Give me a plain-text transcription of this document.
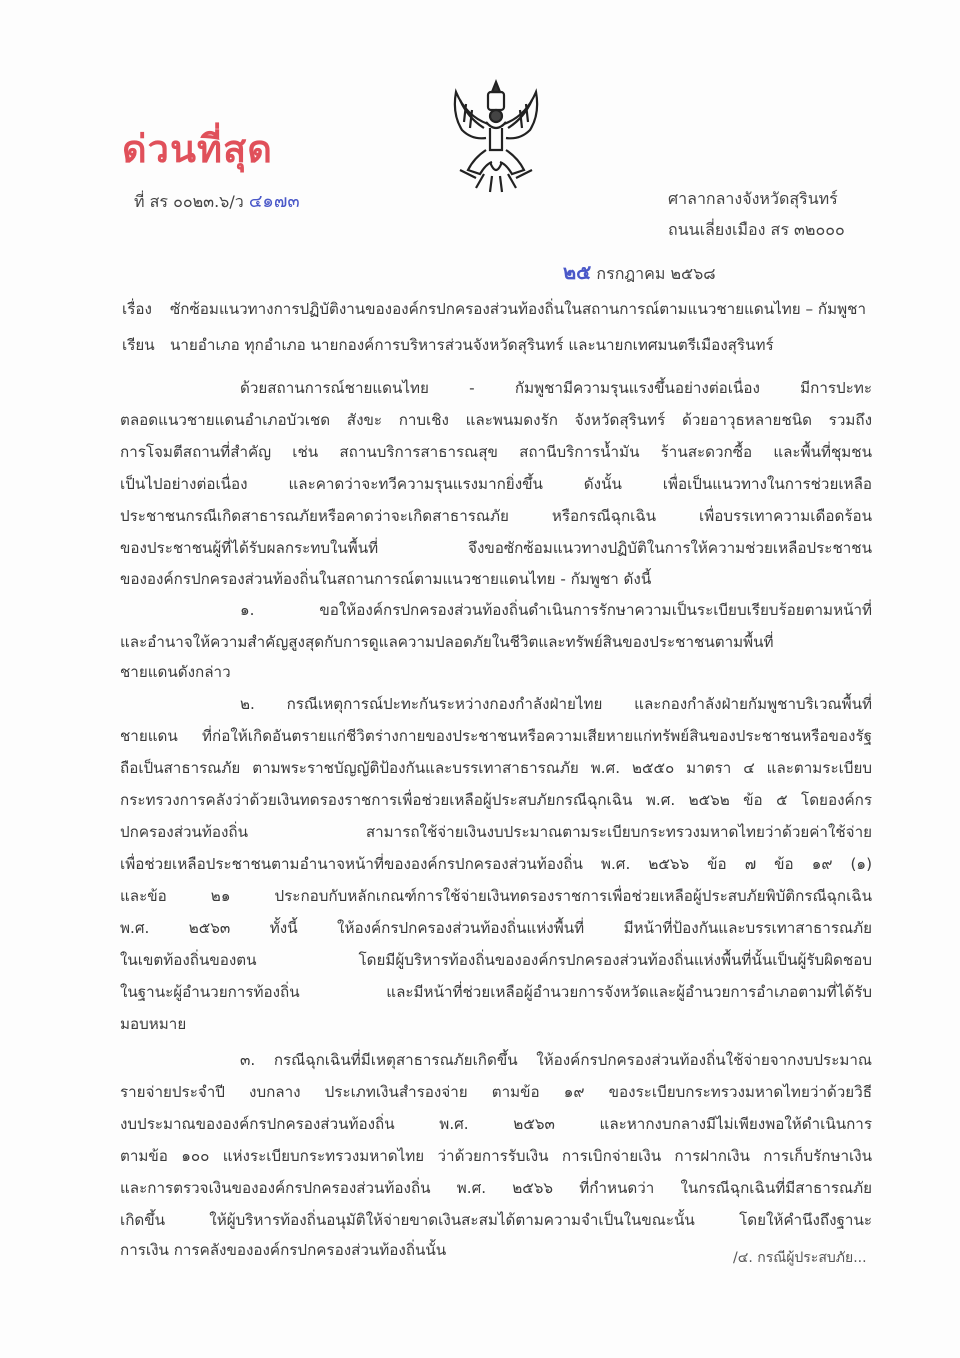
ด่วนที่สุด
ที่ สร ๐๐๒๓.๖/ว ๔๑๗๓	ศาลากลางจังหวัดสุรินทร์
ถนนเลี่ยงเมือง สร ๓๒๐๐๐
๒๕ กรกฎาคม ๒๕๖๘
เรื่อง ซักซ้อมแนวทางการปฏิบัติงานขององค์กรปกครองส่วนท้องถิ่นในสถานการณ์ตามแนวชายแดนไทย – กัมพูชา
เรียน นายอำเภอ ทุกอำเภอ นายกองค์การบริหารส่วนจังหวัดสุรินทร์ และนายกเทศมนตรีเมืองสุรินทร์
ด้วยสถานการณ์ชายแดนไทย - กัมพูชามีความรุนแรงขึ้นอย่างต่อเนื่อง มีการปะทะ
ตลอดแนวชายแดนอำเภอบัวเชด สังขะ กาบเชิง และพนมดงรัก จังหวัดสุรินทร์ ด้วยอาวุธหลายชนิด รวมถึง
การโจมตีสถานที่สำคัญ เช่น สถานบริการสาธารณสุข สถานีบริการน้ำมัน ร้านสะดวกซื้อ และพื้นที่ชุมชน
เป็นไปอย่างต่อเนื่อง และคาดว่าจะทวีความรุนแรงมากยิ่งขึ้น ดังนั้น เพื่อเป็นแนวทางในการช่วยเหลือ
ประชาชนกรณีเกิดสาธารณภัยหรือคาดว่าจะเกิดสาธารณภัย หรือกรณีฉุกเฉิน เพื่อบรรเทาความเดือดร้อน
ของประชาชนผู้ที่ได้รับผลกระทบในพื้นที่ จึงขอซักซ้อมแนวทางปฏิบัติในการให้ความช่วยเหลือประชาชน
ขององค์กรปกครองส่วนท้องถิ่นในสถานการณ์ตามแนวชายแดนไทย - กัมพูชา ดังนี้
๑. ขอให้องค์กรปกครองส่วนท้องถิ่นดำเนินการรักษาความเป็นระเบียบเรียบร้อยตามหน้าที่
และอำนาจให้ความสำคัญสูงสุดกับการดูแลความปลอดภัยในชีวิตและทรัพย์สินของประชาชนตามพื้นที่
ชายแดนดังกล่าว
๒. กรณีเหตุการณ์ปะทะกันระหว่างกองกำลังฝ่ายไทย และกองกำลังฝ่ายกัมพูชาบริเวณพื้นที่
ชายแดน ที่ก่อให้เกิดอันตรายแก่ชีวิตร่างกายของประชาชนหรือความเสียหายแก่ทรัพย์สินของประชาชนหรือของรัฐ
ถือเป็นสาธารณภัย ตามพระราชบัญญัติป้องกันและบรรเทาสาธารณภัย พ.ศ. ๒๕๕๐ มาตรา ๔ และตามระเบียบ
กระทรวงการคลังว่าด้วยเงินทดรองราชการเพื่อช่วยเหลือผู้ประสบภัยกรณีฉุกเฉิน พ.ศ. ๒๕๖๒ ข้อ ๕ โดยองค์กร
ปกครองส่วนท้องถิ่น สามารถใช้จ่ายเงินงบประมาณตามระเบียบกระทรวงมหาดไทยว่าด้วยค่าใช้จ่าย
เพื่อช่วยเหลือประชาชนตามอำนาจหน้าที่ขององค์กรปกครองส่วนท้องถิ่น พ.ศ. ๒๕๖๖ ข้อ ๗ ข้อ ๑๙ (๑)
และข้อ ๒๑ ประกอบกับหลักเกณฑ์การใช้จ่ายเงินทดรองราชการเพื่อช่วยเหลือผู้ประสบภัยพิบัติกรณีฉุกเฉิน
พ.ศ. ๒๕๖๓ ทั้งนี้ ให้องค์กรปกครองส่วนท้องถิ่นแห่งพื้นที่ มีหน้าที่ป้องกันและบรรเทาสาธารณภัย
ในเขตท้องถิ่นของตน โดยมีผู้บริหารท้องถิ่นขององค์กรปกครองส่วนท้องถิ่นแห่งพื้นที่นั้นเป็นผู้รับผิดชอบ
ในฐานะผู้อำนวยการท้องถิ่น และมีหน้าที่ช่วยเหลือผู้อำนวยการจังหวัดและผู้อำนวยการอำเภอตามที่ได้รับ
มอบหมาย
๓. กรณีฉุกเฉินที่มีเหตุสาธารณภัยเกิดขึ้น ให้องค์กรปกครองส่วนท้องถิ่นใช้จ่ายจากงบประมาณ
รายจ่ายประจำปี งบกลาง ประเภทเงินสำรองจ่าย ตามข้อ ๑๙ ของระเบียบกระทรวงมหาดไทยว่าด้วยวิธี
งบประมาณขององค์กรปกครองส่วนท้องถิ่น พ.ศ. ๒๕๖๓ และหากงบกลางมีไม่เพียงพอให้ดำเนินการ
ตามข้อ ๑๐๐ แห่งระเบียบกระทรวงมหาดไทย ว่าด้วยการรับเงิน การเบิกจ่ายเงิน การฝากเงิน การเก็บรักษาเงิน
และการตรวจเงินขององค์กรปกครองส่วนท้องถิ่น พ.ศ. ๒๕๖๖ ที่กำหนดว่า ในกรณีฉุกเฉินที่มีสาธารณภัย
เกิดขึ้น ให้ผู้บริหารท้องถิ่นอนุมัติให้จ่ายขาดเงินสะสมได้ตามความจำเป็นในขณะนั้น โดยให้คำนึงถึงฐานะ
การเงิน การคลังขององค์กรปกครองส่วนท้องถิ่นนั้น	/๔. กรณีผู้ประสบภัย...
